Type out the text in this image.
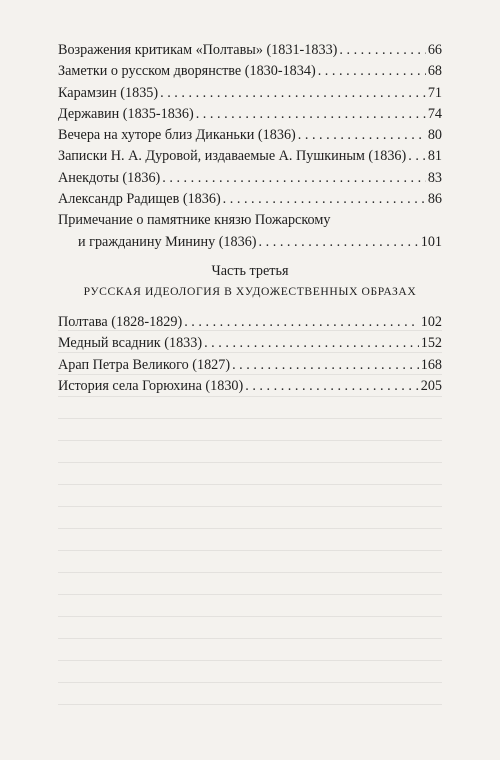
Возражения критикам «Полтавы» (1831-1833) . . .	66
Заметки о русском дворянстве (1830-1834) . . .	68
Карамзин (1835) . . .	71
Державин (1835-1836) . . .	74
Вечера на хуторе близ Диканьки (1836) . . .	80
Записки Н. А. Дуровой, издаваемые А. Пушкиным (1836) . . . 81
Анекдоты (1836) . . .	83
Александр Радищев (1836) . . .	86
Примечание о памятнике князю Пожарскому
и гражданину Минину (1836) . . .	101
Часть третья
РУССКАЯ ИДЕОЛОГИЯ В ХУДОЖЕСТВЕННЫХ ОБРАЗАХ
Полтава (1828-1829) . . .	102
Медный всадник (1833) . . .	152
Арап Петра Великого (1827) . . .	168
История села Горюхина (1830) . . .	205
